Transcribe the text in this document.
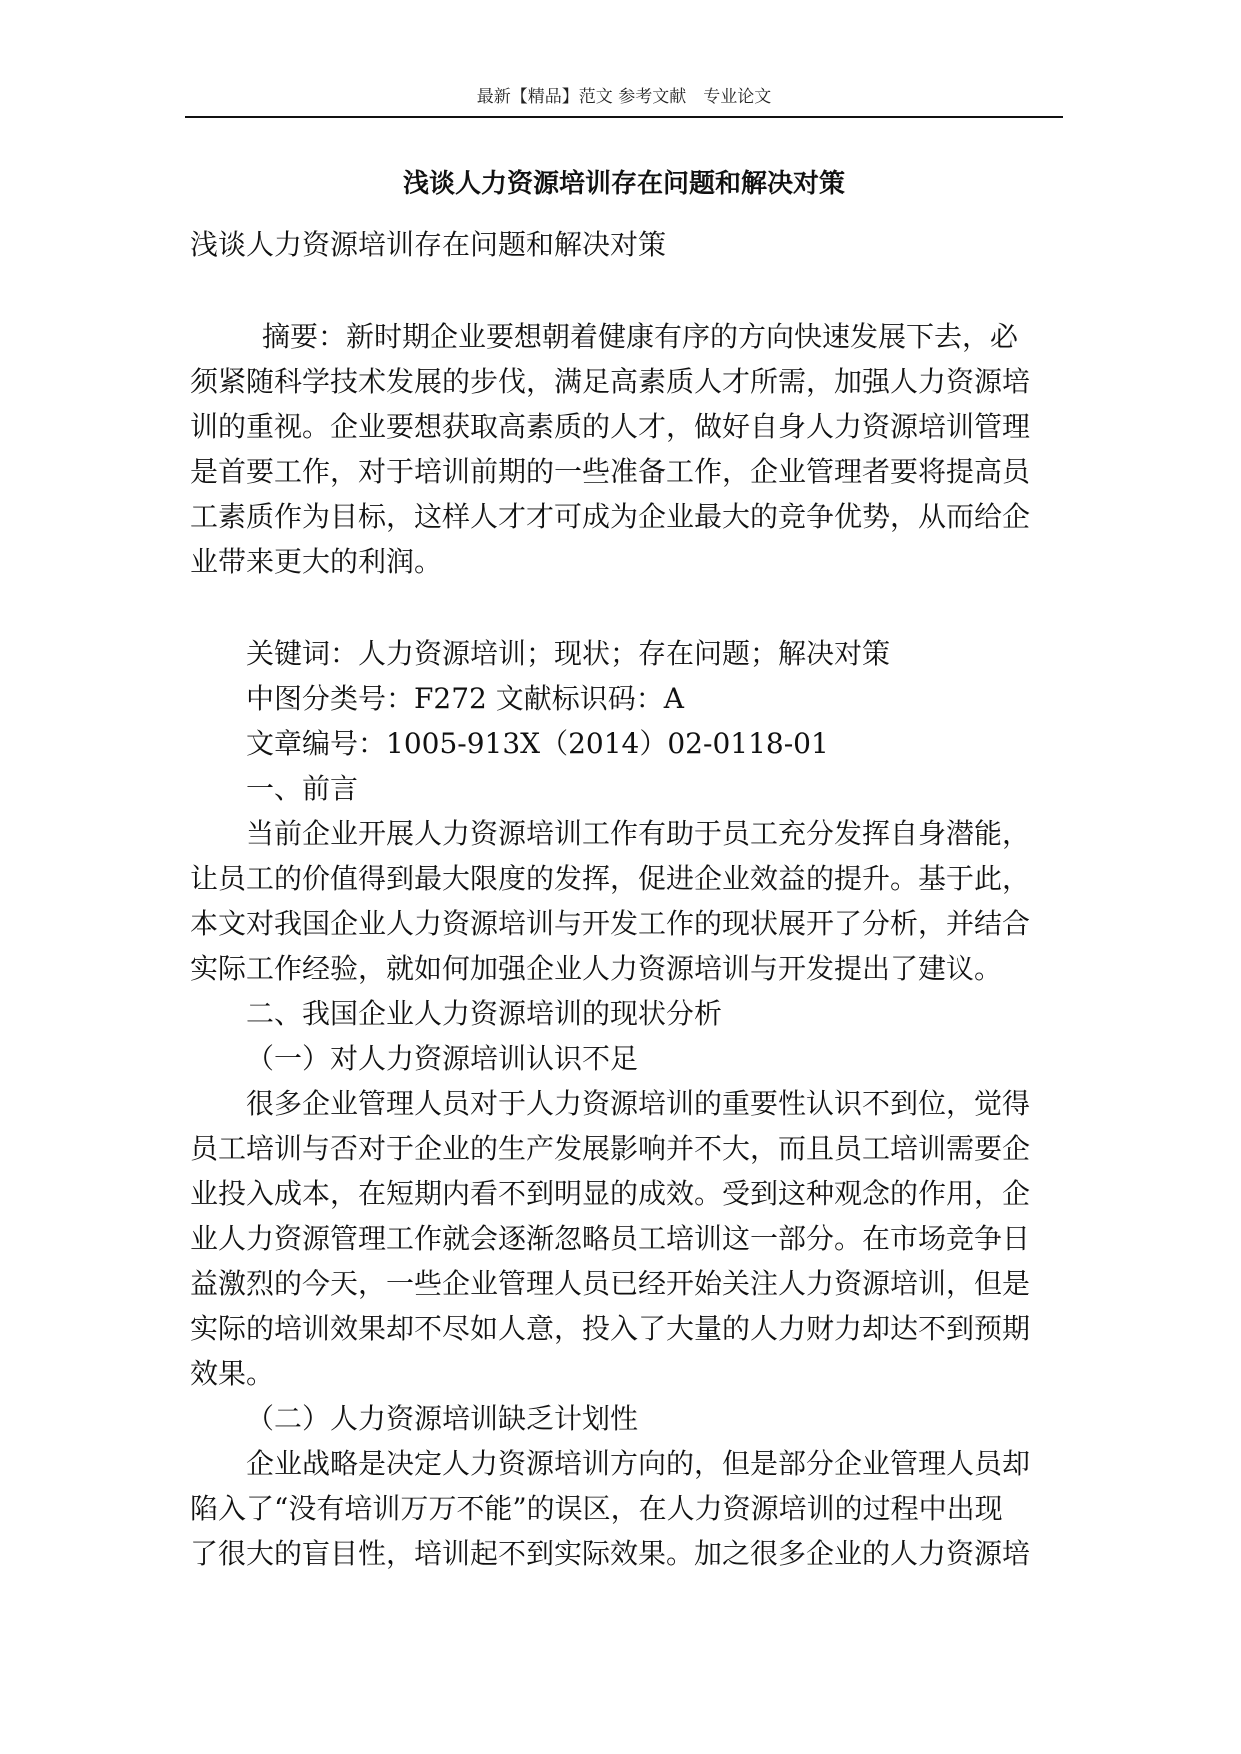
最新【精品】范文 参考文献　专业论文
浅谈人力资源培训存在问题和解决对策
浅谈人力资源培训存在问题和解决对策
摘要：新时期企业要想朝着健康有序的方向快速发展下去，必
须紧随科学技术发展的步伐，满足高素质人才所需，加强人力资源培
训的重视。企业要想获取高素质的人才，做好自身人力资源培训管理
是首要工作，对于培训前期的一些准备工作，企业管理者要将提高员
工素质作为目标，这样人才才可成为企业最大的竞争优势，从而给企
业带来更大的利润。
关键词：人力资源培训；现状；存在问题；解决对策
中图分类号：F272 文献标识码：A
文章编号：1005-913X（2014）02-0118-01
一、前言
当前企业开展人力资源培训工作有助于员工充分发挥自身潜能，
让员工的价值得到最大限度的发挥，促进企业效益的提升。基于此，
本文对我国企业人力资源培训与开发工作的现状展开了分析，并结合
实际工作经验，就如何加强企业人力资源培训与开发提出了建议。
二、我国企业人力资源培训的现状分析
（一）对人力资源培训认识不足
很多企业管理人员对于人力资源培训的重要性认识不到位，觉得
员工培训与否对于企业的生产发展影响并不大，而且员工培训需要企
业投入成本，在短期内看不到明显的成效。受到这种观念的作用，企
业人力资源管理工作就会逐渐忽略员工培训这一部分。在市场竞争日
益激烈的今天，一些企业管理人员已经开始关注人力资源培训，但是
实际的培训效果却不尽如人意，投入了大量的人力财力却达不到预期
效果。
（二）人力资源培训缺乏计划性
企业战略是决定人力资源培训方向的，但是部分企业管理人员却
陷入了“没有培训万万不能”的误区，在人力资源培训的过程中出现
了很大的盲目性，培训起不到实际效果。加之很多企业的人力资源培
